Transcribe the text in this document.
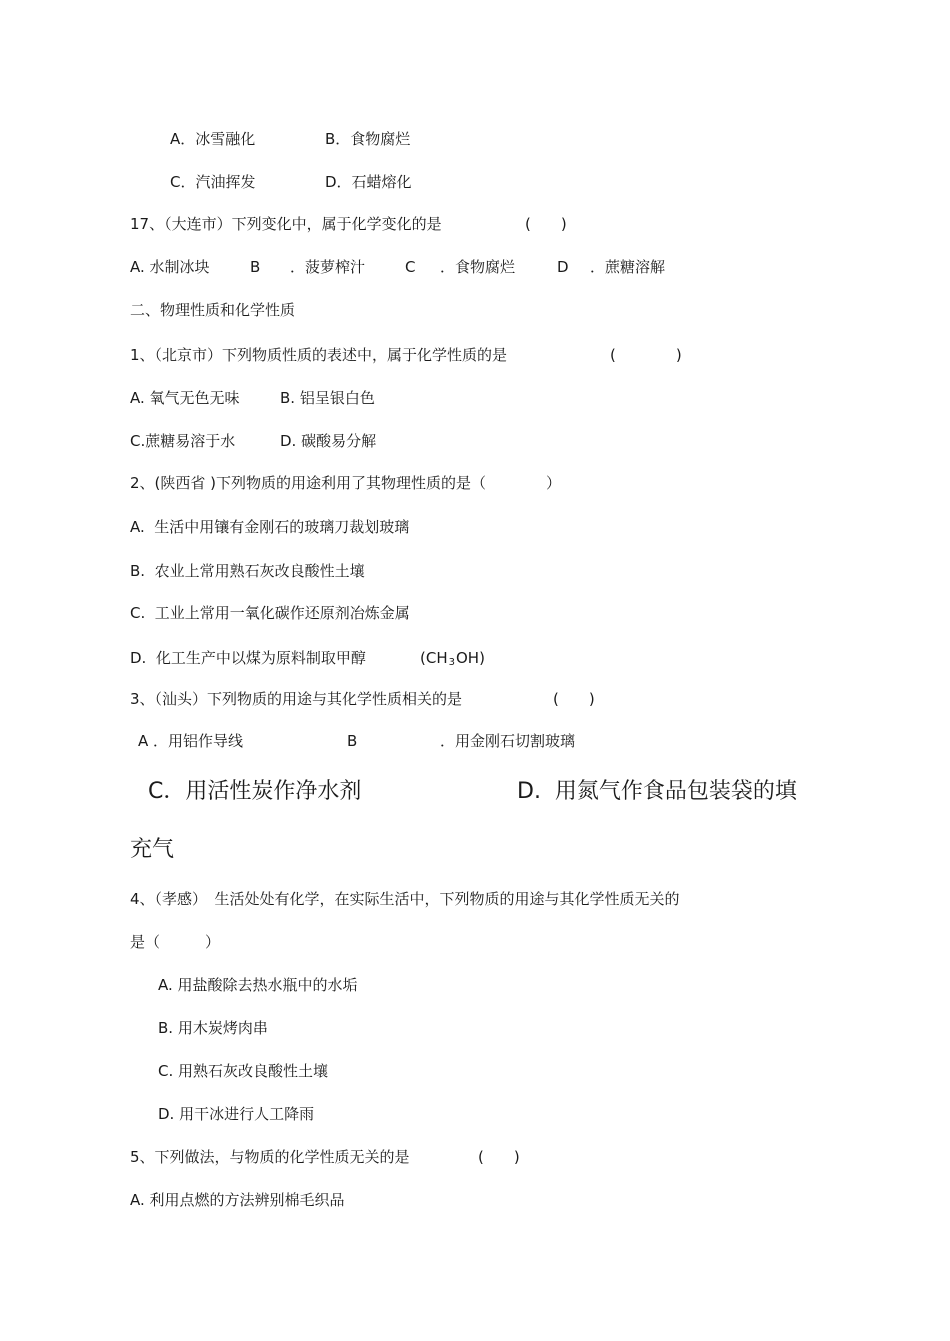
A．冰雪融化	B．食物腐烂
C．汽油挥发	D．石蜡熔化
17、（大连市）下列变化中，属于化学变化的是	(　　)
A. 水制冰块	B ．菠萝榨汁	C ．食物腐烂	D ．蔗糖溶解
二、物理性质和化学性质
1、（北京市）下列物质性质的表述中，属于化学性质的是	(　　　　)
A. 氧气无色无味	B. 铝呈银白色
C.蔗糖易溶于水	D. 碳酸易分解
2、(陕西省 )下列物质的用途利用了其物理性质的是（　　　　）
A.  生活中用镶有金刚石的玻璃刀裁划玻璃
B.  农业上常用熟石灰改良酸性土壤
C.  工业上常用一氧化碳作还原剂冶炼金属
D.  化工生产中以煤为原料制取甲醇	$(CH_3OH)$
3、（汕头）下列物质的用途与其化学性质相关的是	(　　)
A ．用铝作导线	B	．用金刚石切割玻璃
C．用活性炭作净水剂	D.  用氮气作食品包装袋的填
充气
4、（孝感）　生活处处有化学，在实际生活中，下列物质的用途与其化学性质无关的
是（　　　）
A. 用盐酸除去热水瓶中的水垢
B. 用木炭烤肉串
C. 用熟石灰改良酸性土壤
D. 用干冰进行人工降雨
5、下列做法，与物质的化学性质无关的是	(　　)
A. 利用点燃的方法辨别棉毛织品
